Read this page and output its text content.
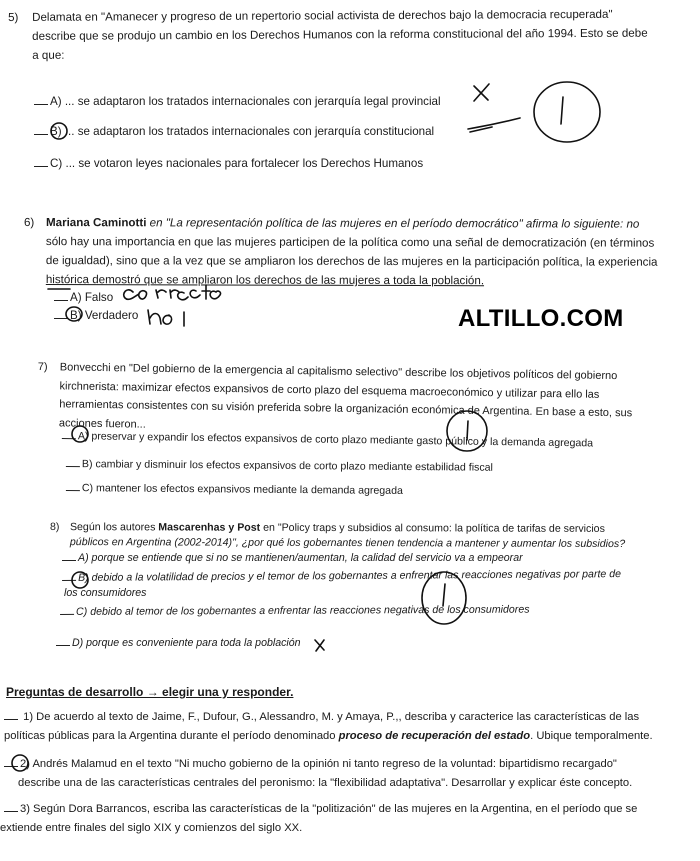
5) Delamata en "Amanecer y progreso de un repertorio social activista de derechos bajo la democracia recuperada"
describe que se produjo un cambio en los Derechos Humanos con la reforma constitucional del año 1994. Esto se debe
a que:
A) ... se adaptaron los tratados internacionales con jerarquía legal provincial
B) ... se adaptaron los tratados internacionales con jerarquía constitucional
C) ... se votaron leyes nacionales para fortalecer los Derechos Humanos
6) Mariana Caminotti en "La representación política de las mujeres en el período democrático" afirma lo siguiente: no
sólo hay una importancia en que las mujeres participen de la política como una señal de democratización (en términos
de igualdad), sino que a la vez que se ampliaron los derechos de las mujeres en la participación política, la experiencia
histórica demostró que se ampliaron los derechos de las mujeres a toda la población.
A) Falso
B) Verdadero	ALTILLO.COM
7) Bonvecchi en "Del gobierno de la emergencia al capitalismo selectivo" describe los objetivos políticos del gobierno
kirchnerista: maximizar efectos expansivos de corto plazo del esquema macroeconómico y utilizar para ello las
herramientas consistentes con su visión preferida sobre la organización económica de Argentina. En base a esto, sus
acciones fueron...
A) preservar y expandir los efectos expansivos de corto plazo mediante gasto público y la demanda agregada
B) cambiar y disminuir los efectos expansivos de corto plazo mediante estabilidad fiscal
C) mantener los efectos expansivos mediante la demanda agregada
8) Según los autores Mascarenhas y Post en "Policy traps y subsidios al consumo: la política de tarifas de servicios
públicos en Argentina (2002-2014)", ¿por qué los gobernantes tienen tendencia a mantener y aumentar los subsidios?
A) porque se entiende que si no se mantienen/aumentan, la calidad del servicio va a empeorar
B) debido a la volatilidad de precios y el temor de los gobernantes a enfrentar las reacciones negativas por parte de
los consumidores
C) debido al temor de los gobernantes a enfrentar las reacciones negativas de los consumidores
D) porque es conveniente para toda la población
Preguntas de desarrollo → elegir una y responder.
1) De acuerdo al texto de Jaime, F., Dufour, G., Alessandro, M. y Amaya, P.,, describa y caracterice las características de las
políticas públicas para la Argentina durante el período denominado proceso de recuperación del estado. Ubique temporalmente.
2) Andrés Malamud en el texto "Ni mucho gobierno de la opinión ni tanto regreso de la voluntad: bipartidismo recargado"
describe una de las características centrales del peronismo: la "flexibilidad adaptativa". Desarrollar y explicar éste concepto.
3) Según Dora Barrancos, escriba las características de la "politización" de las mujeres en la Argentina, en el período que se
extiende entre finales del siglo XIX y comienzos del siglo XX.
